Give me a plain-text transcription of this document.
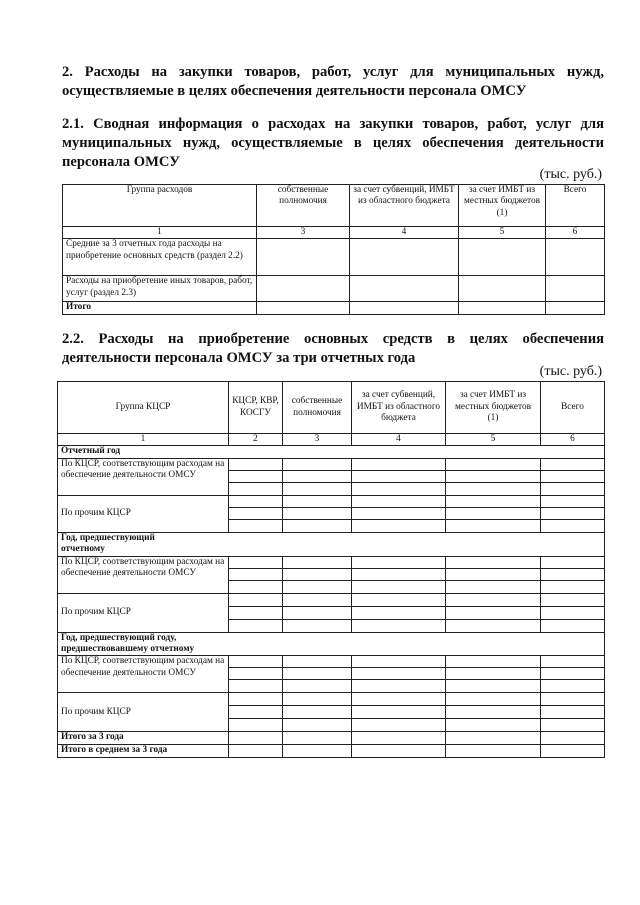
2. Расходы на закупки товаров, работ, услуг для муниципальных нужд, осуществляемые в целях обеспечения деятельности персонала ОМСУ
2.1. Сводная информация о расходах на закупки товаров, работ, услуг для муниципальных нужд, осуществляемые в целях обеспечения деятельности персонала ОМСУ
(тыс. руб.)
Группа расходов	собственные полномочия	за счет субвенций, ИМБТ из областного бюджета	за счет ИМБТ из местных бюджетов (1)	Всего
1	3	4	5	6
Средние за 3 отчетных года расходы на приобретение основных средств (раздел 2.2)				
Расходы на приобретение иных товаров, работ, услуг (раздел 2.3)				
Итого				
2.2. Расходы на приобретение основных средств в целях обеспечения деятельности персонала ОМСУ за три отчетных года
(тыс. руб.)
Группа КЦСР	КЦСР, КВР, КОСГУ	собственные полномочия	за счет субвенций, ИМБТ из областного бюджета	за счет ИМБТ из местных бюджетов (1)	Всего
1	2	3	4	5	6
Отчетный год					
По КЦСР, соответствующим расходам на обеспечение деятельности ОМСУ					

По прочим КЦСР					

Год, предшествующий отчетному					
По КЦСР, соответствующим расходам на обеспечение деятельности ОМСУ					

По прочим КЦСР					

Год, предшествующий году, предшествовавшему отчетному					
По КЦСР, соответствующим расходам на обеспечение деятельности ОМСУ					

По прочим КЦСР					

Итого за 3 года					
Итого в среднем за 3 года					
